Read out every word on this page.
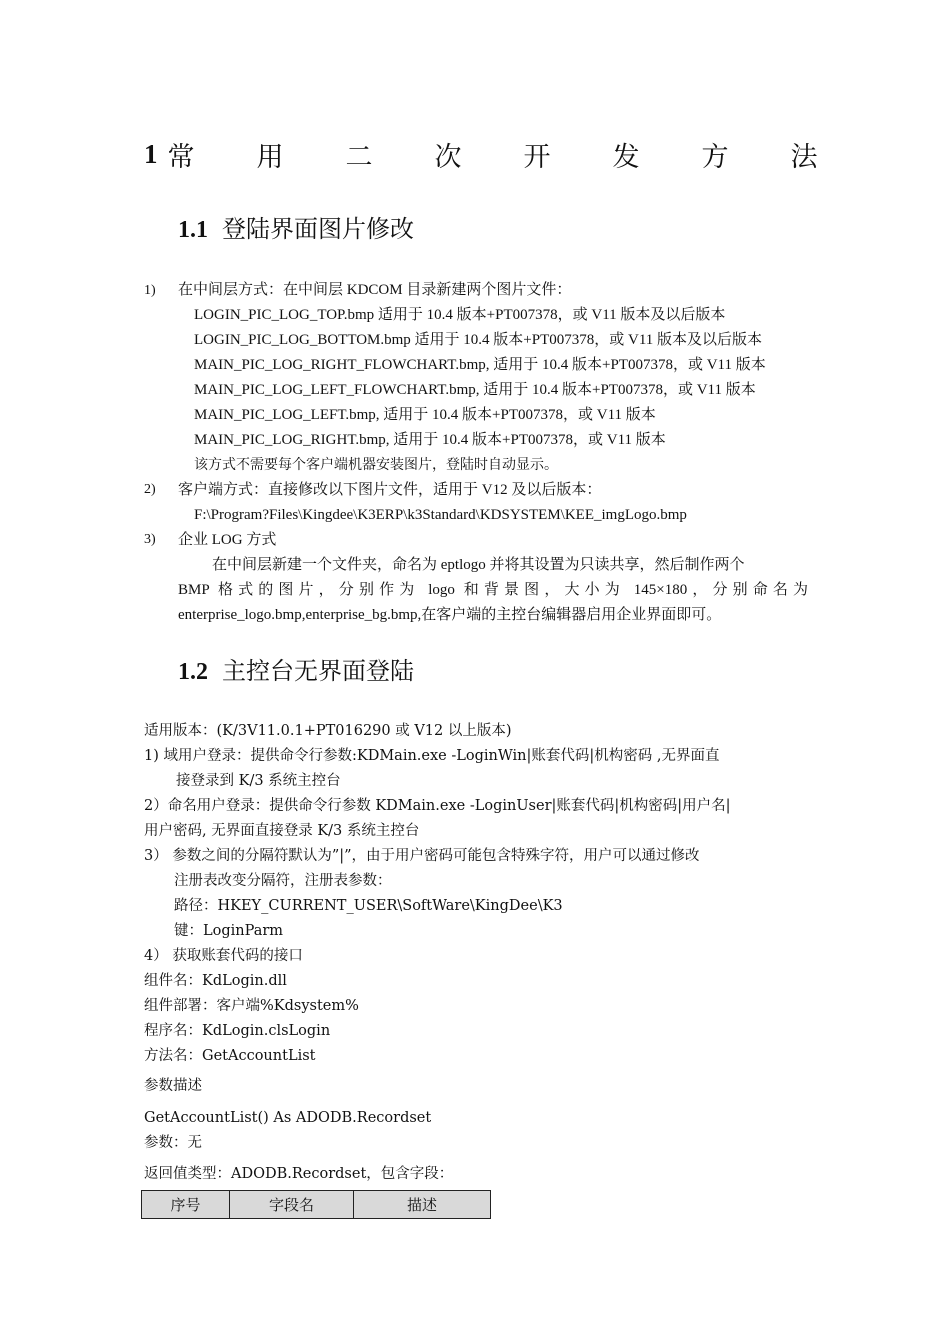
1 常用二次开发方法
1.1 登陆界面图片修改
1) 在中间层方式：在中间层 KDCOM 目录新建两个图片文件：
LOGIN_PIC_LOG_TOP.bmp 适用于 10.4 版本+PT007378，或 V11 版本及以后版本
LOGIN_PIC_LOG_BOTTOM.bmp 适用于 10.4 版本+PT007378，或 V11 版本及以后版本
MAIN_PIC_LOG_RIGHT_FLOWCHART.bmp, 适用于 10.4 版本+PT007378，或 V11 版本
MAIN_PIC_LOG_LEFT_FLOWCHART.bmp, 适用于 10.4 版本+PT007378，或 V11 版本
MAIN_PIC_LOG_LEFT.bmp, 适用于 10.4 版本+PT007378，或 V11 版本
MAIN_PIC_LOG_RIGHT.bmp, 适用于 10.4 版本+PT007378，或 V11 版本
该方式不需要每个客户端机器安装图片，登陆时自动显示。
2) 客户端方式：直接修改以下图片文件，适用于 V12 及以后版本：
F:\Program?Files\Kingdee\K3ERP\k3Standard\KDSYSTEM\KEE_imgLogo.bmp
3) 企业 LOG 方式
在中间层新建一个文件夹，命名为 eptlogo 并将其设置为只读共享，然后制作两个
BMP 格式的图片，分别作为 logo 和背景图，大小为 145×180，分别命名为
enterprise_logo.bmp,enterprise_bg.bmp,在客户端的主控台编辑器启用企业界面即可。
1.2 主控台无界面登陆
适用版本：(K/3V11.0.1+PT016290 或 V12 以上版本)
1) 域用户登录：提供命令行参数:KDMain.exe -LoginWin|账套代码|机构密码 ,无界面直
接登录到 K/3 系统主控台
2）命名用户登录：提供命令行参数 KDMain.exe -LoginUser|账套代码|机构密码|用户名|
用户密码, 无界面直接登录 K/3 系统主控台
3） 参数之间的分隔符默认为”|”，由于用户密码可能包含特殊字符，用户可以通过修改
注册表改变分隔符，注册表参数：
路径：HKEY_CURRENT_USER\SoftWare\KingDee\K3
键：LoginParm
4） 获取账套代码的接口
组件名：KdLogin.dll
组件部署：客户端%Kdsystem%
程序名：KdLogin.clsLogin
方法名：GetAccountList
参数描述
GetAccountList() As ADODB.Recordset
参数：无
返回值类型：ADODB.Recordset，包含字段：
序号	字段名	描述
